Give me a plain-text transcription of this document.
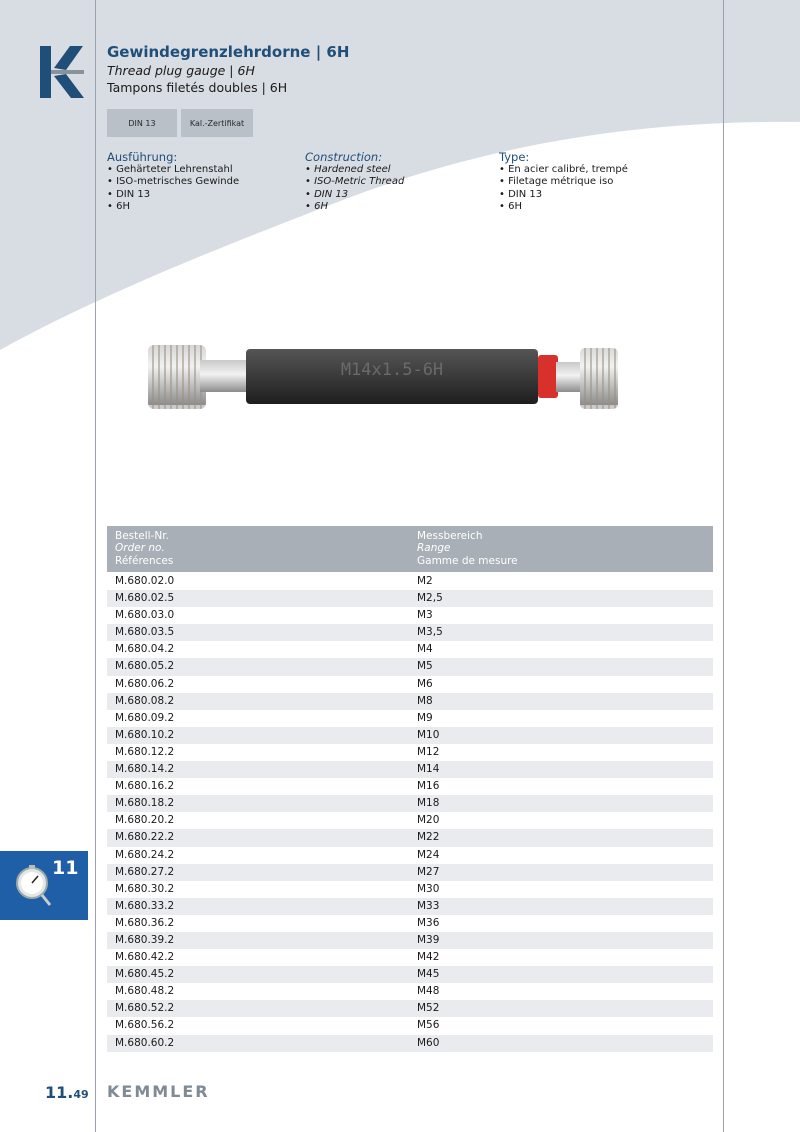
Gewindegrenzlehrdorne | 6H
Thread plug gauge | 6H
Tampons filetés doubles | 6H
DIN 13	Kal.-Zertifikat
Ausführung:
• Gehärteter Lehrenstahl
• ISO-metrisches Gewinde
• DIN 13
• 6H
Construction:
• Hardened steel
• ISO-Metric Thread
• DIN 13
• 6H
Type:
• En acier calibré, trempé
• Filetage métrique iso
• DIN 13
• 6H
M14x1.5-6H
Bestell-Nr.
Order no.
Références
Messbereich
Range
Gamme de mesure
M.680.02.0	M2
M.680.02.5	M2,5
M.680.03.0	M3
M.680.03.5	M3,5
M.680.04.2	M4
M.680.05.2	M5
M.680.06.2	M6
M.680.08.2	M8
M.680.09.2	M9
M.680.10.2	M10
M.680.12.2	M12
M.680.14.2	M14
M.680.16.2	M16
M.680.18.2	M18
M.680.20.2	M20
M.680.22.2	M22
M.680.24.2	M24
M.680.27.2	M27
M.680.30.2	M30
M.680.33.2	M33
M.680.36.2	M36
M.680.39.2	M39
M.680.42.2	M42
M.680.45.2	M45
M.680.48.2	M48
M.680.52.2	M52
M.680.56.2	M56
M.680.60.2	M60
11
11.49 KEMMLER
